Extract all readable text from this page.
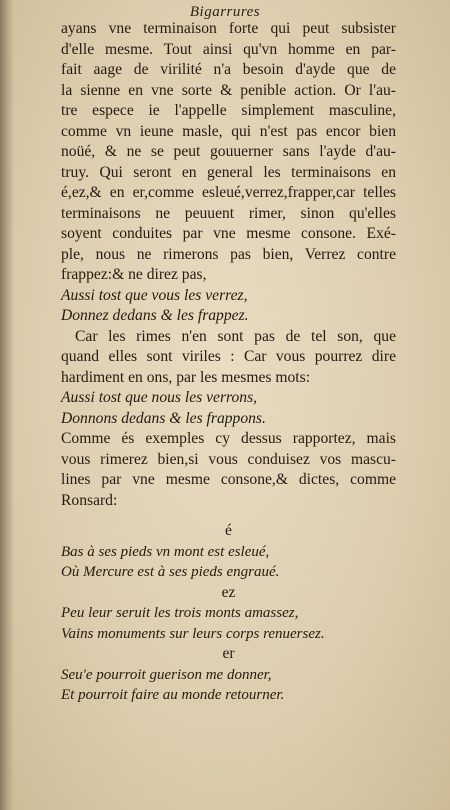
Bigarrures
ayans vne terminaison forte qui peut subsister
d'elle mesme. Tout ainsi qu'vn homme en par-
fait aage de virilité n'a besoin d'ayde que de
la sienne en vne sorte & penible action. Or l'au-
tre espece ie l'appelle simplement masculine,
comme vn ieune masle, qui n'est pas encor bien
noüé, & ne se peut gouuerner sans l'ayde d'au-
truy. Qui seront en general les terminaisons en
é,ez,& en er,comme esleué,verrez,frapper,car telles
terminaisons ne peuuent rimer, sinon qu'elles
soyent conduites par vne mesme consone. Exé-
ple, nous ne rimerons pas bien, Verrez contre
frappez:& ne direz pas,
Aussi tost que vous les verrez,
Donnez dedans & les frappez.
Car les rimes n'en sont pas de tel son, que
quand elles sont viriles : Car vous pourrez dire
hardiment en ons, par les mesmes mots:
Aussi tost que nous les verrons,
Donnons dedans & les frappons.
Comme és exemples cy dessus rapportez, mais
vous rimerez bien,si vous conduisez vos mascu-
lines par vne mesme consone,& dictes, comme
Ronsard:
é
Bas à ses pieds vn mont est esleué,
Où Mercure est à ses pieds engraué.
ez
Peu leur seruit les trois monts amassez,
Vains monuments sur leurs corps renuersez.
er
Seu'e pourroit guerison me donner,
Et pourroit faire au monde retourner.
